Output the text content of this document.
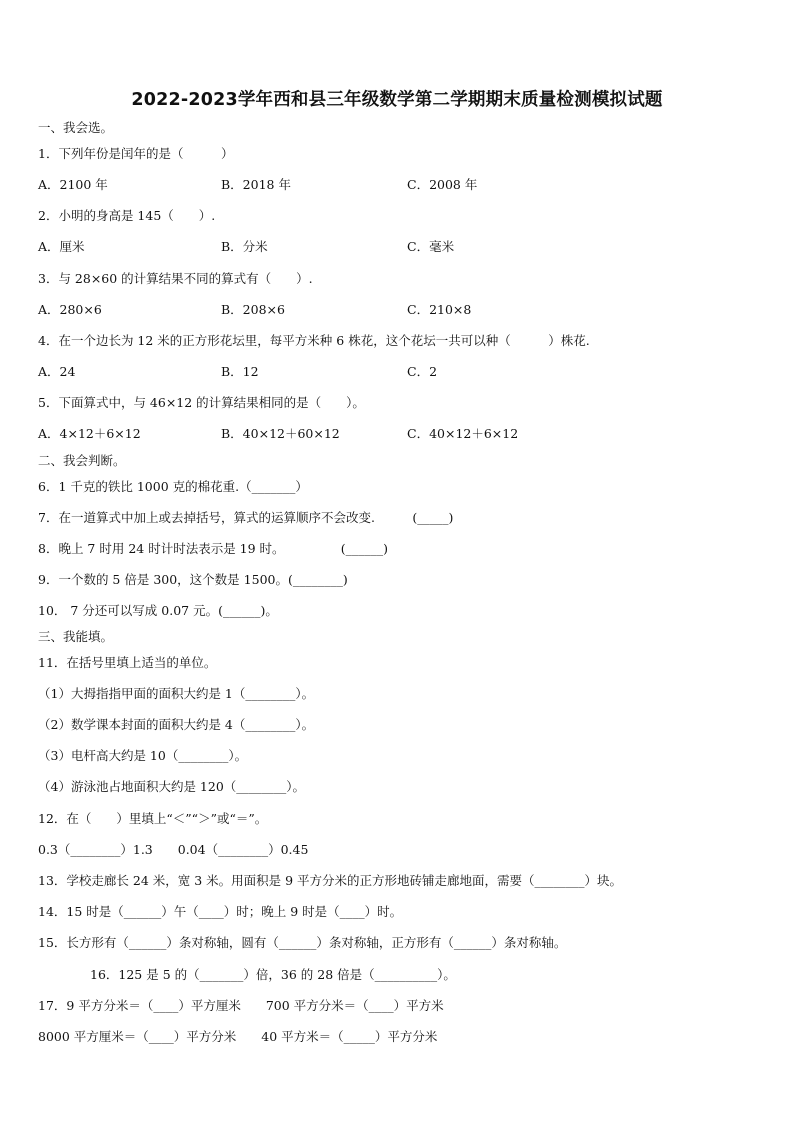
2022-2023学年西和县三年级数学第二学期期末质量检测模拟试题
一、我会选。
1．下列年份是闰年的是（　　　）
A．2100 年	B．2018 年	C．2008 年
2．小明的身高是 145（　　）.
A．厘米	B．分米	C．毫米
3．与 28×60 的计算结果不同的算式有（　　）.
A．280×6	B．208×6	C．210×8
4．在一个边长为 12 米的正方形花坛里，每平方米种 6 株花，这个花坛一共可以种（　　　）株花.
A．24	B．12	C．2
5．下面算式中，与 46×12 的计算结果相同的是（　　）。
A．4×12＋6×12	B．40×12＋60×12	C．40×12＋6×12
二、我会判断。
6．1 千克的铁比 1000 克的棉花重.（_______）
7．在一道算式中加上或去掉括号，算式的运算顺序不会改变.　　　(_____)
8．晚上 7 时用 24 时计时法表示是 19 时。　　　　　(______)
9．一个数的 5 倍是 300，这个数是 1500。(________)
10． 7 分还可以写成 0.07 元。(______)。
三、我能填。
11．在括号里填上适当的单位。
（1）大拇指指甲面的面积大约是 1（________）。
（2）数学课本封面的面积大约是 4（________）。
（3）电杆高大约是 10（________）。
（4）游泳池占地面积大约是 120（________）。
12．在（　　）里填上“＜”“＞”或“＝”。
0.3（________）1.3　　0.04（________）0.45
13．学校走廊长 24 米，宽 3 米。用面积是 9 平方分米的正方形地砖铺走廊地面，需要（________）块。
14．15 时是（______）午（____）时；晚上 9 时是（____）时。
15．长方形有（______）条对称轴，圆有（______）条对称轴，正方形有（______）条对称轴。
16．125 是 5 的（_______）倍，36 的 28 倍是（__________）。
17．9 平方分米＝（____）平方厘米　　700 平方分米＝（____）平方米
8000 平方厘米＝（____）平方分米　　40 平方米＝（_____）平方分米
